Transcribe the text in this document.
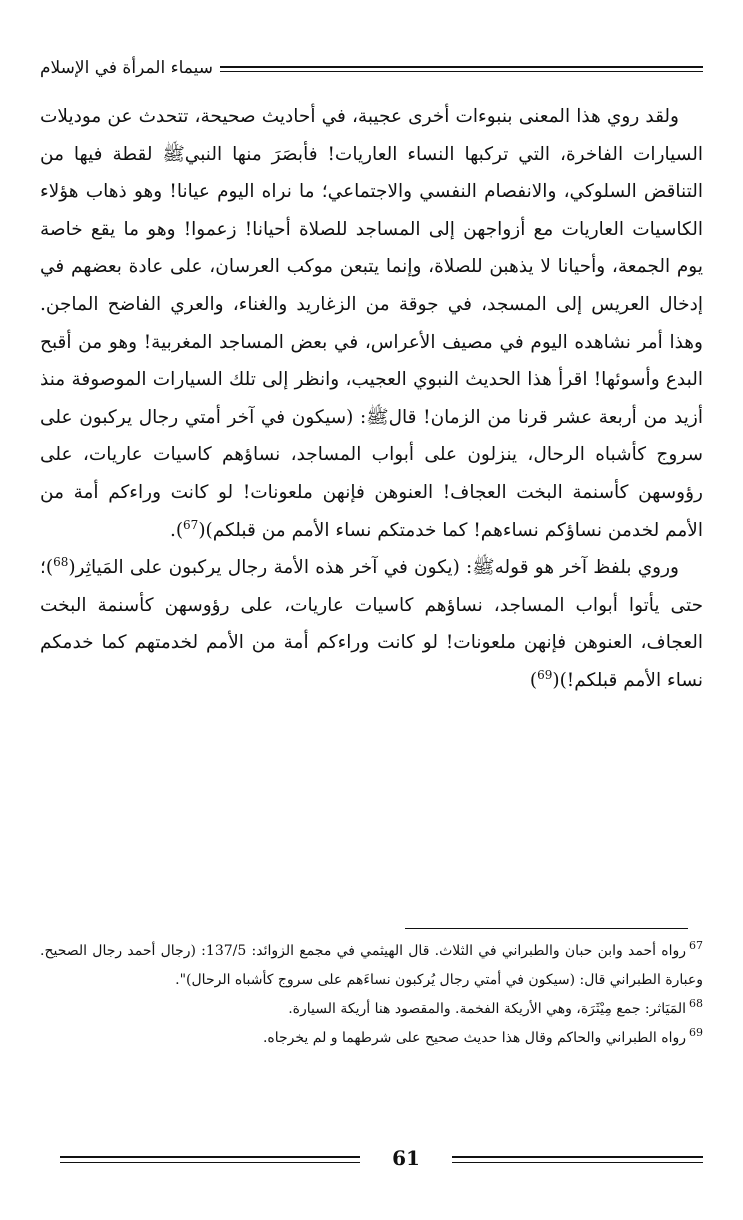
سيماء المرأة في الإسلام

ولقد روي هذا المعنى بنبوءات أخرى عجيبة، في أحاديث صحيحة، تتحدث عن موديلات السيارات الفاخرة، التي تركبها النساء العاريات! فأبصَرَ منها النبيﷺ لقطة فيها من التناقض السلوكي، والانفصام النفسي والاجتماعي؛ ما نراه اليوم عيانا! وهو ذهاب هؤلاء الكاسيات العاريات مع أزواجهن إلى المساجد للصلاة أحيانا! زعموا! وهو ما يقع خاصة يوم الجمعة، وأحيانا لا يذهبن للصلاة، وإنما يتبعن موكب العرسان، على عادة بعضهم في إدخال العريس إلى المسجد، في جوقة من الزغاريد والغناء، والعري الفاضح الماجن. وهذا أمر نشاهده اليوم في مصيف الأعراس، في بعض المساجد المغربية! وهو من أقبح البدع وأسوئها! اقرأ هذا الحديث النبوي العجيب، وانظر إلى تلك السيارات الموصوفة منذ أزيد من أربعة عشر قرنا من الزمان! قالﷺ: (سيكون في آخر أمتي رجال يركبون على سروج كأشباه الرحال، ينزلون على أبواب المساجد، نساؤهم كاسيات عاريات، على رؤوسهن كأسنمة البخت العجاف! العنوهن فإنهن ملعونات! لو كانت وراءكم أمة من الأمم لخدمن نساؤكم نساءهم! كما خدمتكم نساء الأمم من قبلكم)($^{67}$).

وروي بلفظ آخر هو قولهﷺ: (يكون في آخر هذه الأمة رجال يركبون على المَياثِر($^{68}$)؛ حتى يأتوا أبواب المساجد، نساؤهم كاسيات عاريات، على رؤوسهن كأسنمة البخت العجاف، العنوهن فإنهن ملعونات! لو كانت وراءكم أمة من الأمم لخدمتهم كما خدمكم نساء الأمم قبلكم!)($^{69}$)

$^{67}$رواه أحمد وابن حبان والطبراني في الثلاث. قال الهيثمي في مجمع الزوائد: 137/5: (رجال أحمد رجال الصحيح. وعبارة الطبراني قال: (سيكون في أمتي رجال يُركبون نساءَهم على سروج كأشباه الرحال)".

$^{68}$المَيَاثر: جمع مِيْثَرَة، وهي الأريكة الفخمة. والمقصود هنا أريكة السيارة.

$^{69}$رواه الطبراني والحاكم وقال هذا حديث صحيح على شرطهما و لم يخرجاه.

61
